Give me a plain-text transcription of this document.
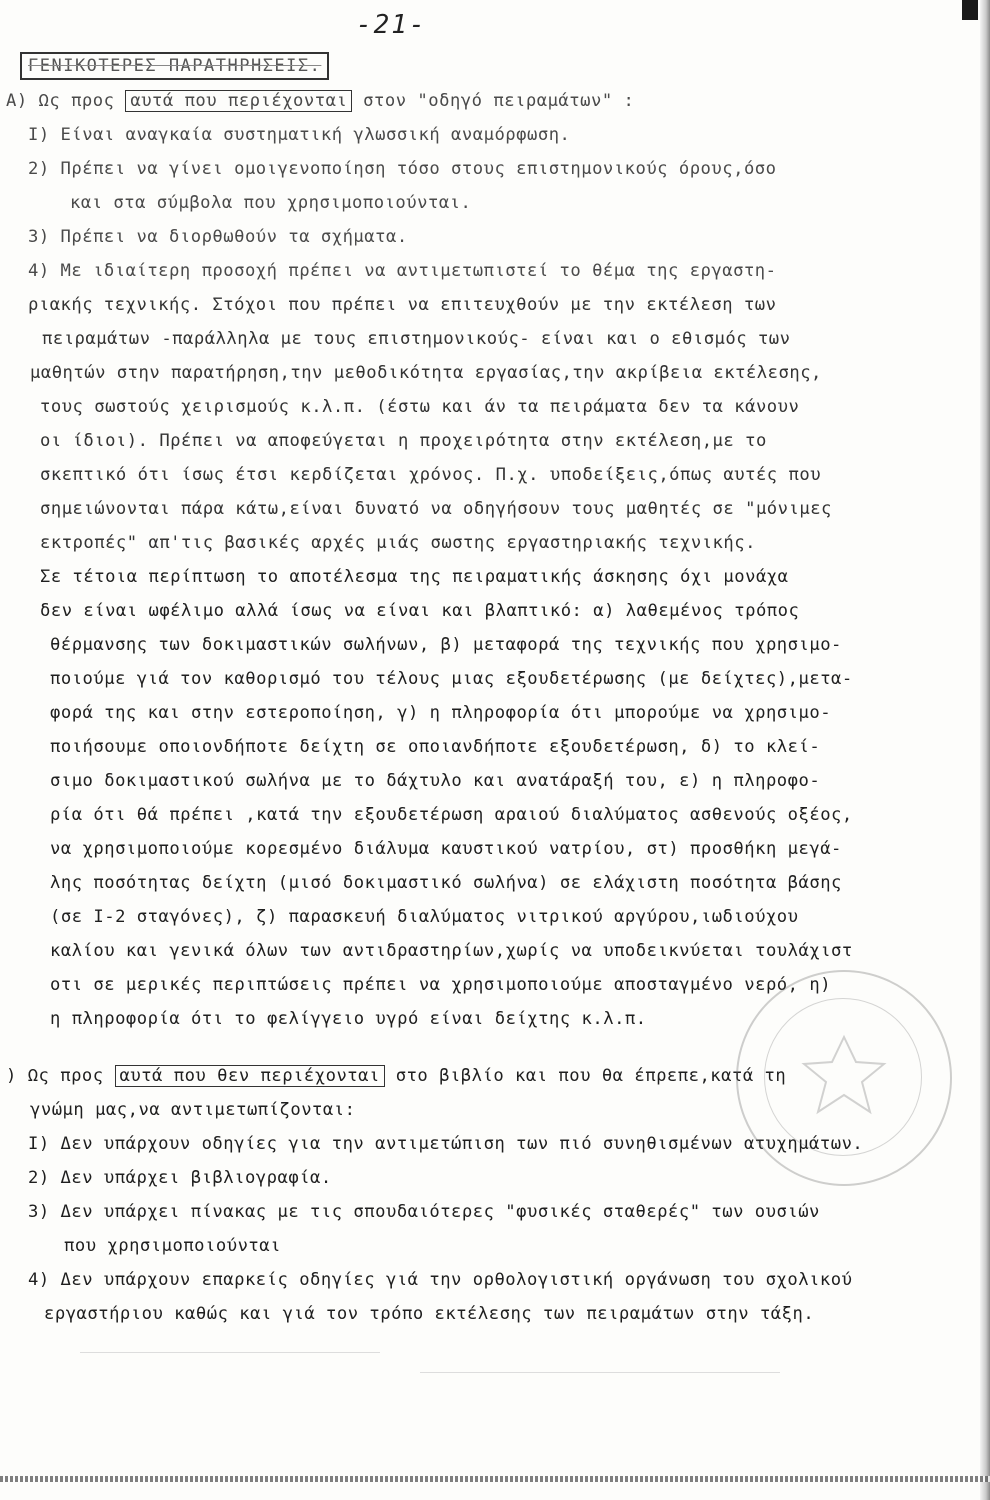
-21-
ΓΕΝΙΚΟΤΕΡΕΣ ΠΑΡΑΤΗΡΗΣΕΙΣ.
A) Ως προς αυτά που περιέχονται στον "οδηγό πειραμάτων" :
I) Είναι αναγκαία συστηματική γλωσσική αναμόρφωση.
2) Πρέπει να γίνει ομοιγενοποίηση τόσο στους επιστημονικούς όρους,όσο
και στα σύμβολα που χρησιμοποιούνται.
3) Πρέπει να διορθωθούν τα σχήματα.
4) Με ιδιαίτερη προσοχή πρέπει να αντιμετωπιστεί το θέμα της εργαστη-
ριακής τεχνικής. Στόχοι που πρέπει να επιτευχθούν με την εκτέλεση των
πειραμάτων -παράλληλα με τους επιστημονικούς- είναι και ο εθισμός των
μαθητών στην παρατήρηση,την μεθοδικότητα εργασίας,την ακρίβεια εκτέλεσης,
τους σωστούς χειρισμούς κ.λ.π. (έστω και άν τα πειράματα δεν τα κάνουν
οι ίδιοι). Πρέπει να αποφεύγεται η προχειρότητα στην εκτέλεση,με το
σκεπτικό ότι ίσως έτσι κερδίζεται χρόνος. Π.χ. υποδείξεις,όπως αυτές που
σημειώνονται πάρα κάτω,είναι δυνατό να οδηγήσουν τους μαθητές σε "μόνιμες
εκτροπές" απ'τις βασικές αρχές μιάς σωστης εργαστηριακής τεχνικής.
Σε τέτοια περίπτωση το αποτέλεσμα της πειραματικής άσκησης όχι μονάχα
δεν είναι ωφέλιμο αλλά ίσως να είναι και βλαπτικό: α) λαθεμένος τρόπος
θέρμανσης των δοκιμαστικών σωλήνων, β) μεταφορά της τεχνικής που χρησιμο-
ποιούμε γιά τον καθορισμό του τέλους μιας εξουδετέρωσης (με δείχτες),μετα-
φορά της και στην εστεροποίηση, γ) η πληροφορία ότι μπορούμε να χρησιμο-
ποιήσουμε οποιονδήποτε δείχτη σε οποιανδήποτε εξουδετέρωση, δ) το κλεί-
σιμο δοκιμαστικού σωλήνα με το δάχτυλο και ανατάραξή του, ε) η πληροφο-
ρία ότι θά πρέπει ,κατά την εξουδετέρωση αραιού διαλύματος ασθενούς οξέος,
να χρησιμοποιούμε κορεσμένο διάλυμα καυστικού νατρίου, στ) προσθήκη μεγά-
λης ποσότητας δείχτη (μισό δοκιμαστικό σωλήνα) σε ελάχιστη ποσότητα βάσης
(σε I-2 σταγόνες), ζ) παρασκευή διαλύματος νιτρικού αργύρου,ιωδιούχου
καλίου και γενικά όλων των αντιδραστηρίων,χωρίς να υποδεικνύεται τουλάχιστ
οτι σε μερικές περιπτώσεις πρέπει να χρησιμοποιούμε αποσταγμένο νερό, η)
η πληροφορία ότι το φελίγγειο υγρό είναι δείχτης κ.λ.π.
) Ως προς αυτά που θεν περιέχονται στο βιβλίο και που θα έπρεπε,κατά τη
γνώμη μας,να αντιμετωπίζονται:
I) Δεν υπάρχουν οδηγίες για την αντιμετώπιση των πιό συνηθισμένων ατυχημάτων.
2) Δεν υπάρχει βιβλιογραφία.
3) Δεν υπάρχει πίνακας με τις σπουδαιότερες "φυσικές σταθερές" των ουσιών
που χρησιμοποιούνται
4) Δεν υπάρχουν επαρκείς οδηγίες γιά την ορθολογιστική οργάνωση του σχολικού
εργαστήριου καθώς και γιά τον τρόπο εκτέλεσης των πειραμάτων στην τάξη.
